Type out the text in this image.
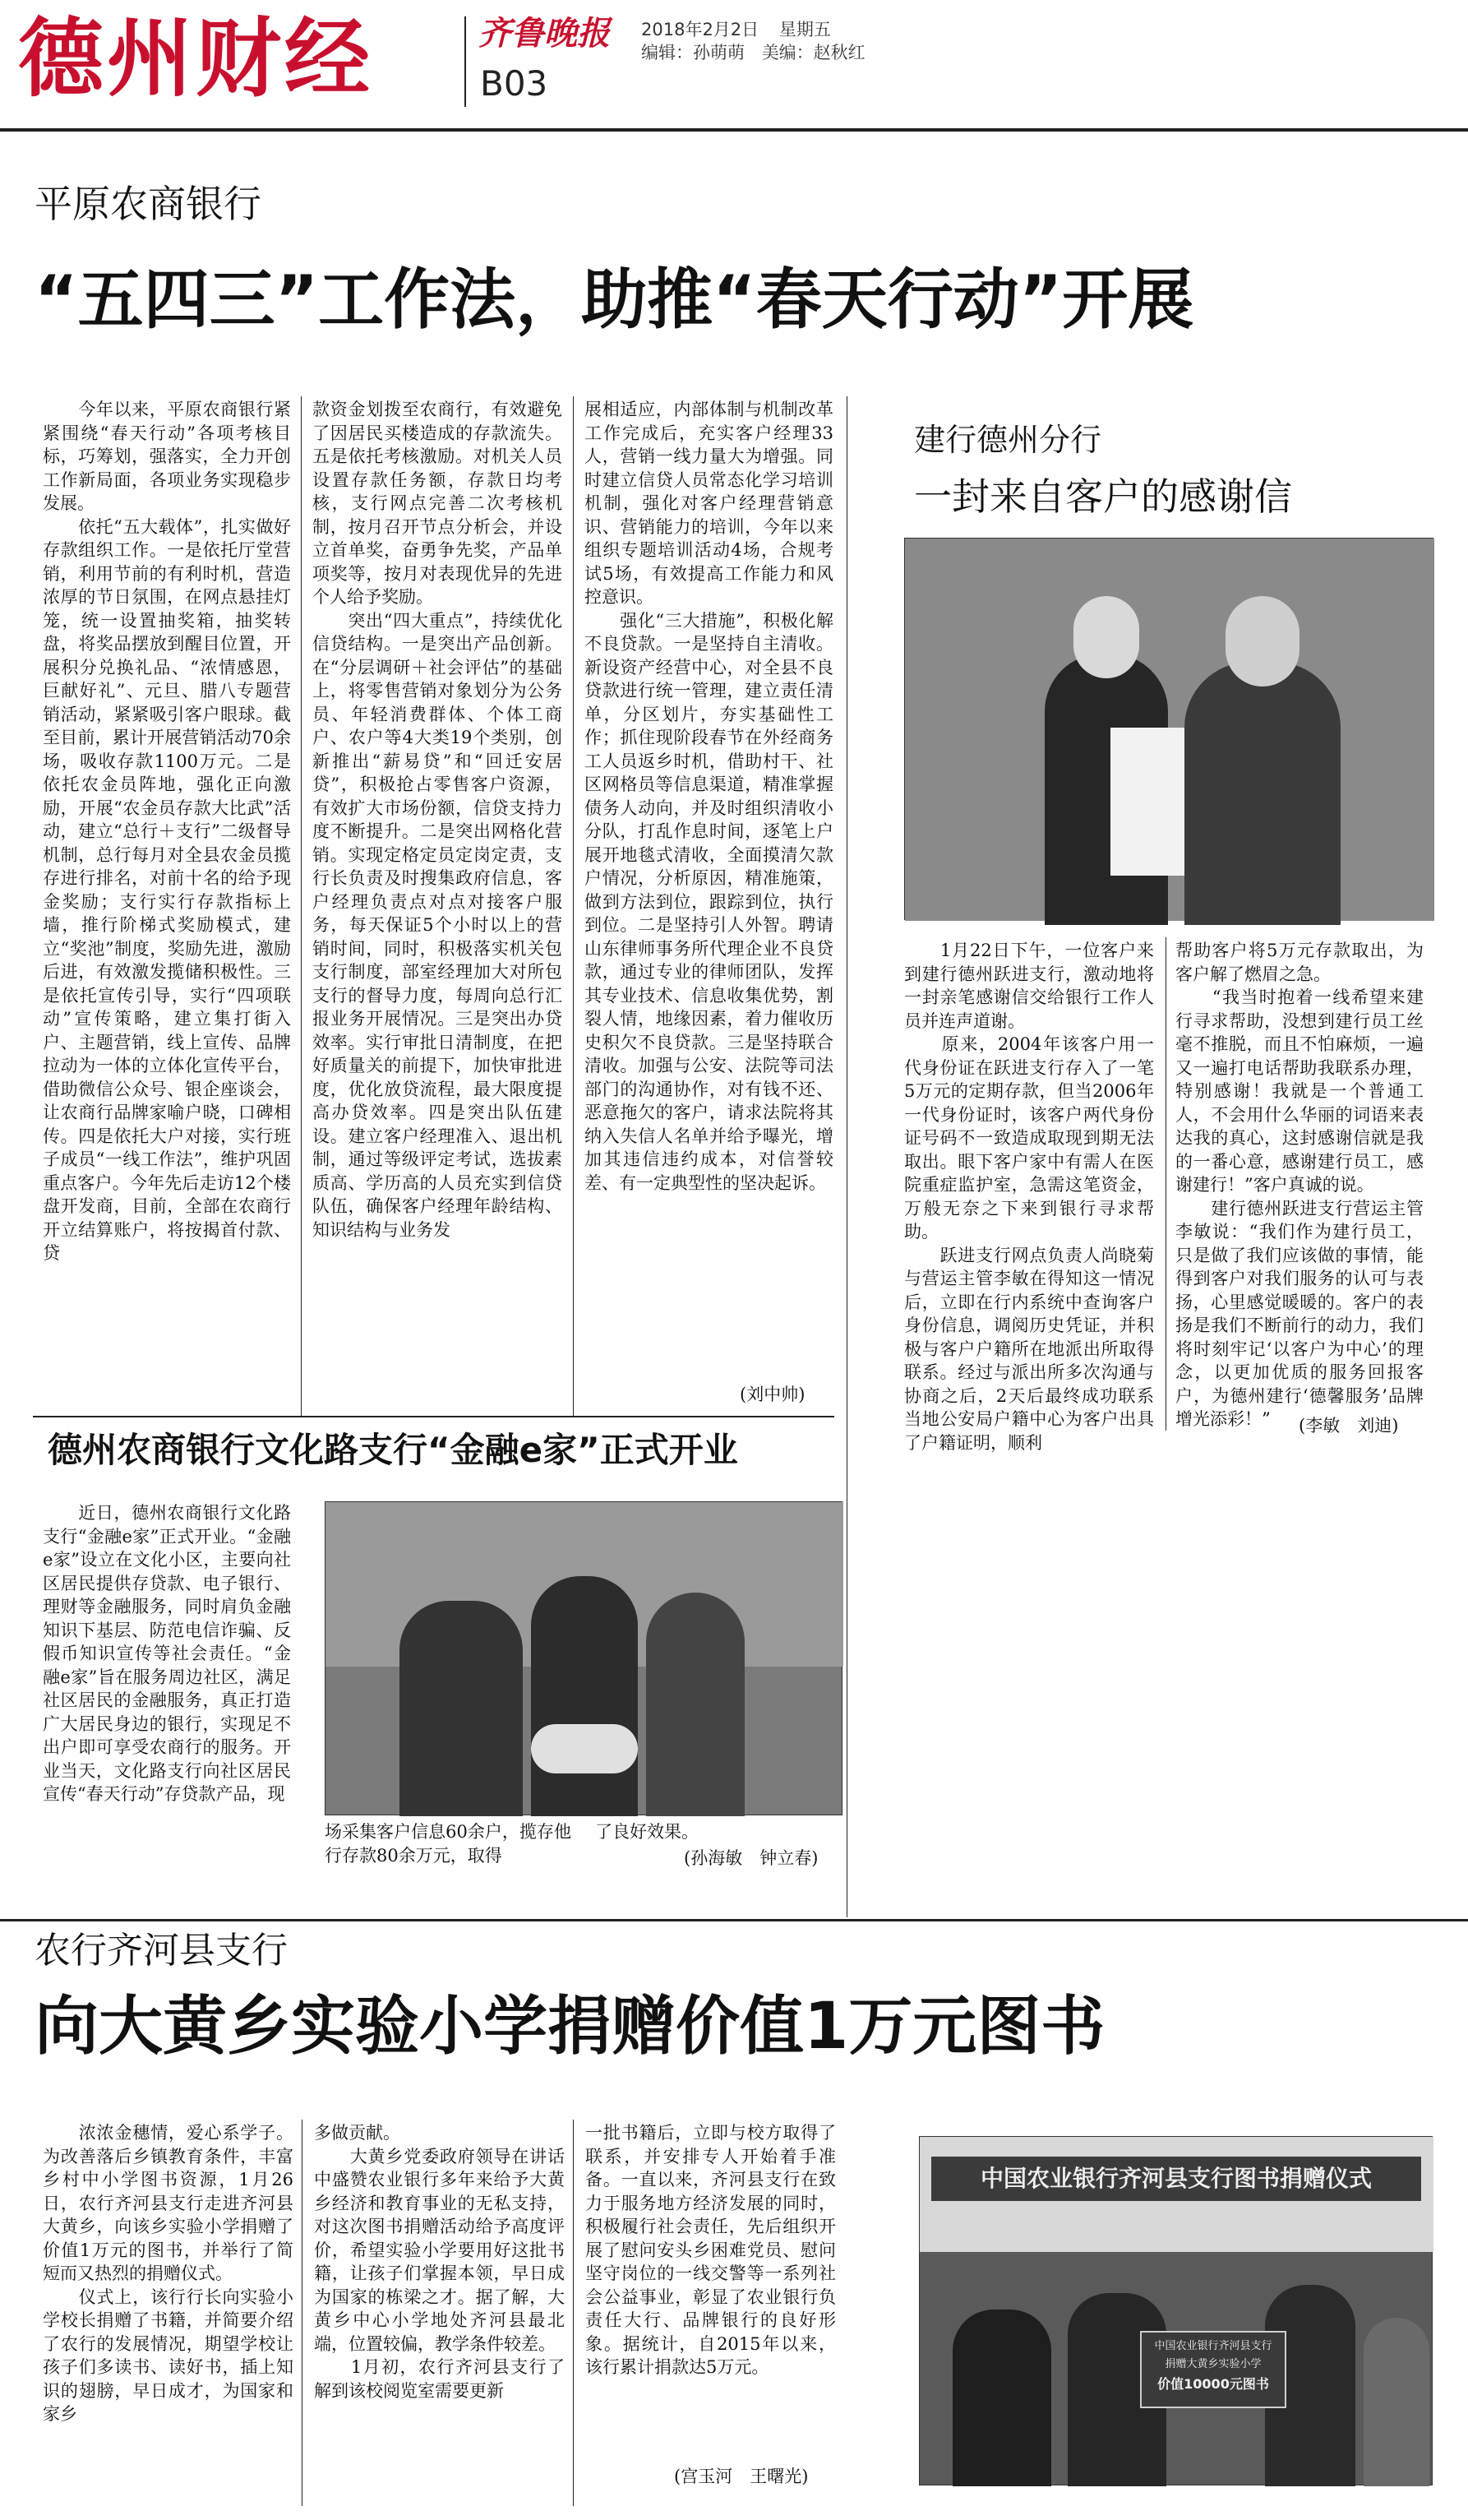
德州财经	齐鲁晚报
B03
2018年2月2日 星期五
编辑：孙萌萌 美编：赵秋红
平原农商银行
“五四三”工作法，助推“春天行动”开展
　　今年以来，平原农商银行紧紧围绕“春天行动”各项考核目标，巧筹划，强落实，全力开创工作新局面，各项业务实现稳步发展。
　　依托“五大载体”，扎实做好存款组织工作。一是依托厅堂营销，利用节前的有利时机，营造浓厚的节日氛围，在网点悬挂灯笼，统一设置抽奖箱，抽奖转盘，将奖品摆放到醒目位置，开展积分兑换礼品、“浓情感恩，巨献好礼”、元旦、腊八专题营销活动，紧紧吸引客户眼球。截至目前，累计开展营销活动70余场，吸收存款1100万元。二是依托农金员阵地，强化正向激励，开展“农金员存款大比武”活动，建立“总行＋支行”二级督导机制，总行每月对全县农金员揽存进行排名，对前十名的给予现金奖励；支行实行存款指标上墙，推行阶梯式奖励模式，建立“奖池”制度，奖励先进，激励后进，有效激发揽储积极性。三是依托宣传引导，实行“四项联动”宣传策略，建立集打街入户、主题营销，线上宣传、品牌拉动为一体的立体化宣传平台，借助微信公众号、银企座谈会，让农商行品牌家喻户晓，口碑相传。四是依托大户对接，实行班子成员“一线工作法”，维护巩固重点客户。今年先后走访12个楼盘开发商，目前，全部在农商行开立结算账户，将按揭首付款、贷
款资金划拨至农商行，有效避免了因居民买楼造成的存款流失。五是依托考核激励。对机关人员设置存款任务额，存款日均考核，支行网点完善二次考核机制，按月召开节点分析会，并设立首单奖，奋勇争先奖，产品单项奖等，按月对表现优异的先进个人给予奖励。
　　突出“四大重点”，持续优化信贷结构。一是突出产品创新。在“分层调研＋社会评估”的基础上，将零售营销对象划分为公务员、年轻消费群体、个体工商户、农户等4大类19个类别，创新推出“薪易贷”和“回迁安居贷”，积极抢占零售客户资源，有效扩大市场份额，信贷支持力度不断提升。二是突出网格化营销。实现定格定员定岗定责，支行长负责及时搜集政府信息，客户经理负责点对点对接客户服务，每天保证5个小时以上的营销时间，同时，积极落实机关包支行制度，部室经理加大对所包支行的督导力度，每周向总行汇报业务开展情况。三是突出办贷效率。实行审批日清制度，在把好质量关的前提下，加快审批进度，优化放贷流程，最大限度提高办贷效率。四是突出队伍建设。建立客户经理准入、退出机制，通过等级评定考试，选拔素质高、学历高的人员充实到信贷队伍，确保客户经理年龄结构、知识结构与业务发
展相适应，内部体制与机制改革工作完成后，充实客户经理33人，营销一线力量大为增强。同时建立信贷人员常态化学习培训机制，强化对客户经理营销意识、营销能力的培训，今年以来组织专题培训活动4场，合规考试5场，有效提高工作能力和风控意识。
　　强化“三大措施”，积极化解不良贷款。一是坚持自主清收。新设资产经营中心，对全县不良贷款进行统一管理，建立责任清单，分区划片，夯实基础性工作；抓住现阶段春节在外经商务工人员返乡时机，借助村干、社区网格员等信息渠道，精准掌握债务人动向，并及时组织清收小分队，打乱作息时间，逐笔上户展开地毯式清收，全面摸清欠款户情况，分析原因，精准施策，做到方法到位，跟踪到位，执行到位。二是坚持引人外智。聘请山东律师事务所代理企业不良贷款，通过专业的律师团队，发挥其专业技术、信息收集优势，割裂人情，地缘因素，着力催收历史积欠不良贷款。三是坚持联合清收。加强与公安、法院等司法部门的沟通协作，对有钱不还、恶意拖欠的客户，请求法院将其纳入失信人名单并给予曝光，增加其违信违约成本，对信誉较差、有一定典型性的坚决起诉。
(刘中帅)
建行德州分行
一封来自客户的感谢信
　　1月22日下午，一位客户来到建行德州跃进支行，激动地将一封亲笔感谢信交给银行工作人员并连声道谢。
　　原来，2004年该客户用一代身份证在跃进支行存入了一笔5万元的定期存款，但当2006年一代身份证时，该客户两代身份证号码不一致造成取现到期无法取出。眼下客户家中有需人在医院重症监护室，急需这笔资金，万般无奈之下来到银行寻求帮助。
　　跃进支行网点负责人尚晓菊与营运主管李敏在得知这一情况后，立即在行内系统中查询客户身份信息，调阅历史凭证，并积极与客户户籍所在地派出所取得联系。经过与派出所多次沟通与协商之后，2天后最终成功联系当地公安局户籍中心为客户出具了户籍证明，顺利
帮助客户将5万元存款取出，为客户解了燃眉之急。
　　“我当时抱着一线希望来建行寻求帮助，没想到建行员工丝毫不推脱，而且不怕麻烦，一遍又一遍打电话帮助我联系办理，特别感谢！我就是一个普通工人，不会用什么华丽的词语来表达我的真心，这封感谢信就是我的一番心意，感谢建行员工，感谢建行！”客户真诚的说。
　　建行德州跃进支行营运主管李敏说：“我们作为建行员工，只是做了我们应该做的事情，能得到客户对我们服务的认可与表扬，心里感觉暖暖的。客户的表扬是我们不断前行的动力，我们将时刻牢记‘以客户为中心’的理念，以更加优质的服务回报客户，为德州建行‘德馨服务’品牌增光添彩！”	(李敏　刘迪)
德州农商银行文化路支行“金融e家”正式开业
　　近日，德州农商银行文化路支行“金融e家”正式开业。“金融e家”设立在文化小区，主要向社区居民提供存贷款、电子银行、理财等金融服务，同时肩负金融知识下基层、防范电信诈骗、反假币知识宣传等社会责任。“金融e家”旨在服务周边社区，满足社区居民的金融服务，真正打造广大居民身边的银行，实现足不出户即可享受农商行的服务。开业当天，文化路支行向社区居民宣传“春天行动”存贷款产品，现
场采集客户信息60余户，揽存他行存款80余万元，取得
了良好效果。
(孙海敏　钟立春)
农行齐河县支行
向大黄乡实验小学捐赠价值1万元图书
　　浓浓金穗情，爱心系学子。为改善落后乡镇教育条件，丰富乡村中小学图书资源，1月26日，农行齐河县支行走进齐河县大黄乡，向该乡实验小学捐赠了价值1万元的图书，并举行了简短而又热烈的捐赠仪式。
　　仪式上，该行行长向实验小学校长捐赠了书籍，并简要介绍了农行的发展情况，期望学校让孩子们多读书、读好书，插上知识的翅膀，早日成才，为国家和家乡
多做贡献。
　　大黄乡党委政府领导在讲话中盛赞农业银行多年来给予大黄乡经济和教育事业的无私支持，对这次图书捐赠活动给予高度评价，希望实验小学要用好这批书籍，让孩子们掌握本领，早日成为国家的栋梁之才。据了解，大黄乡中心小学地处齐河县最北端，位置较偏，教学条件较差。
　　1月初，农行齐河县支行了解到该校阅览室需要更新
一批书籍后，立即与校方取得了联系，并安排专人开始着手准备。一直以来，齐河县支行在致力于服务地方经济发展的同时，积极履行社会责任，先后组织开展了慰问安头乡困难党员、慰问坚守岗位的一线交警等一系列社会公益事业，彰显了农业银行负责任大行、品牌银行的良好形象。据统计，自2015年以来，该行累计捐款达5万元。
(宫玉河　王曙光)
中国农业银行齐河县支行图书捐赠仪式
中国农业银行齐河县支行
捐赠大黄乡实验小学
价值10000元图书
